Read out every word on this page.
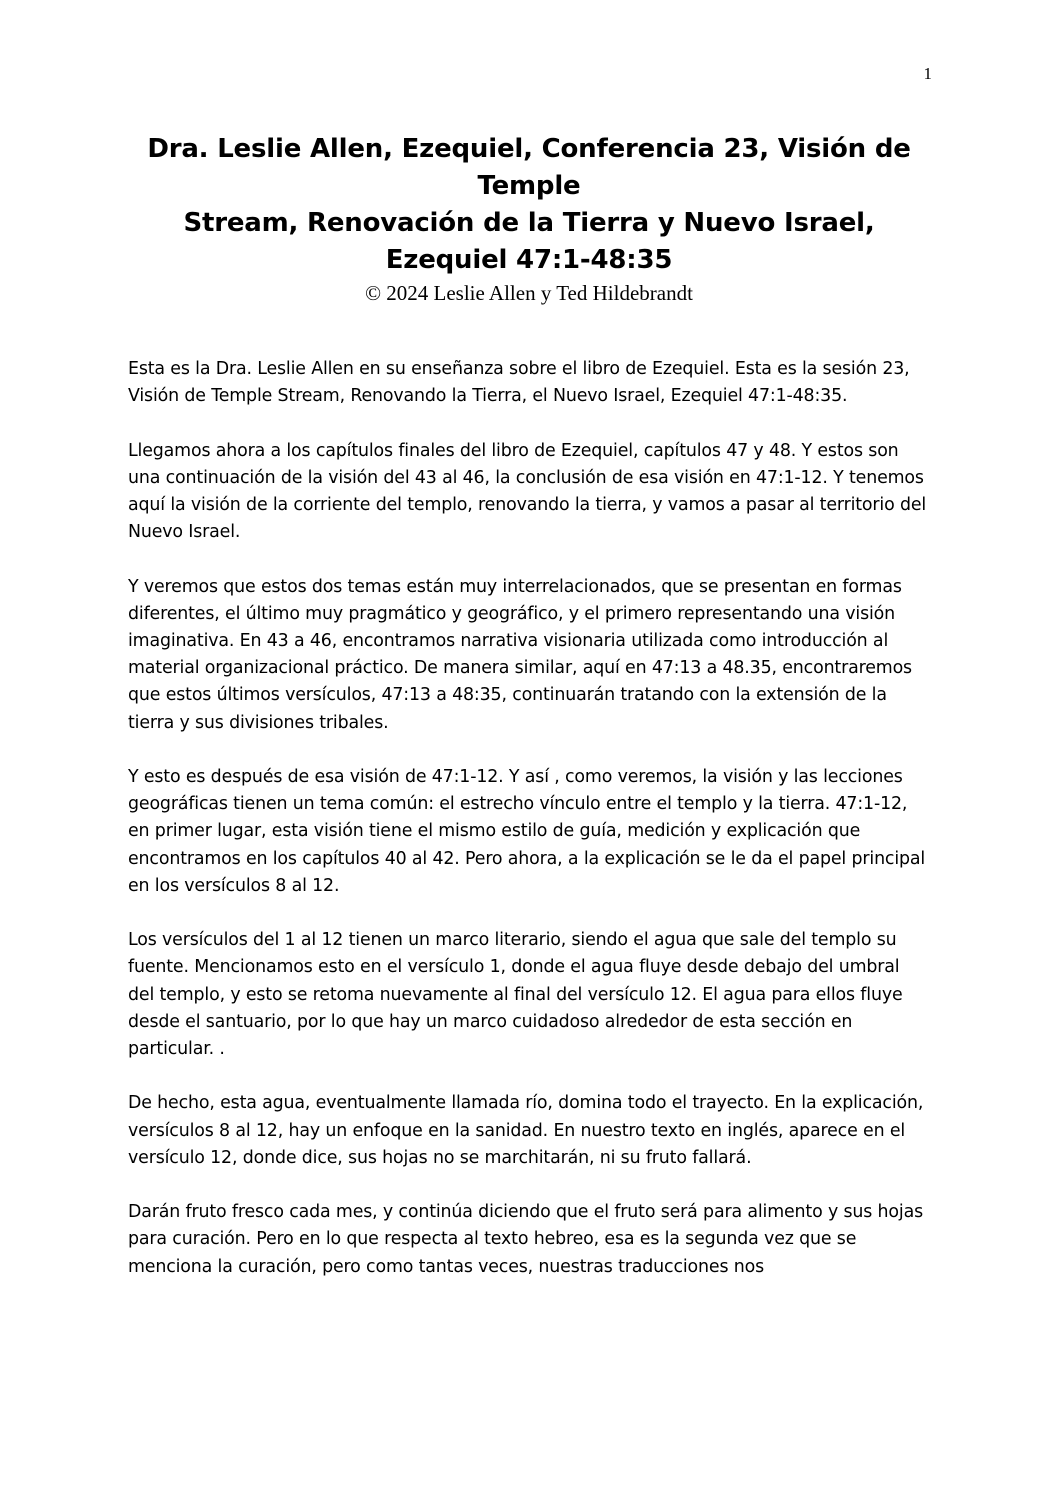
1

Dra. Leslie Allen, Ezequiel, Conferencia 23, Visión de

Temple

Stream, Renovación de la Tierra y Nuevo Israel,

Ezequiel 47:1-48:35

© 2024 Leslie Allen y Ted Hildebrandt

Esta es la Dra. Leslie Allen en su enseñanza sobre el libro de Ezequiel. Esta es la sesión 23, Visión de Temple Stream, Renovando la Tierra, el Nuevo Israel, Ezequiel 47:1-48:35.

Llegamos ahora a los capítulos finales del libro de Ezequiel, capítulos 47 y 48. Y estos son una continuación de la visión del 43 al 46, la conclusión de esa visión en 47:1-12. Y tenemos aquí la visión de la corriente del templo, renovando la tierra, y vamos a pasar al territorio del Nuevo Israel.

Y veremos que estos dos temas están muy interrelacionados, que se presentan en formas diferentes, el último muy pragmático y geográfico, y el primero representando una visión imaginativa. En 43 a 46, encontramos narrativa visionaria utilizada como introducción al material organizacional práctico. De manera similar, aquí en 47:13 a 48.35, encontraremos que estos últimos versículos, 47:13 a 48:35, continuarán tratando con la extensión de la tierra y sus divisiones tribales.

Y esto es después de esa visión de 47:1-12. Y así , como veremos, la visión y las lecciones geográficas tienen un tema común: el estrecho vínculo entre el templo y la tierra. 47:1-12, en primer lugar, esta visión tiene el mismo estilo de guía, medición y explicación que encontramos en los capítulos 40 al 42. Pero ahora, a la explicación se le da el papel principal en los versículos 8 al 12.

Los versículos del 1 al 12 tienen un marco literario, siendo el agua que sale del templo su fuente. Mencionamos esto en el versículo 1, donde el agua fluye desde debajo del umbral del templo, y esto se retoma nuevamente al final del versículo 12. El agua para ellos fluye desde el santuario, por lo que hay un marco cuidadoso alrededor de esta sección en particular. .

De hecho, esta agua, eventualmente llamada río, domina todo el trayecto. En la explicación, versículos 8 al 12, hay un enfoque en la sanidad. En nuestro texto en inglés, aparece en el versículo 12, donde dice, sus hojas no se marchitarán, ni su fruto fallará.

Darán fruto fresco cada mes, y continúa diciendo que el fruto será para alimento y sus hojas para curación. Pero en lo que respecta al texto hebreo, esa es la segunda vez que se menciona la curación, pero como tantas veces, nuestras traducciones nos
